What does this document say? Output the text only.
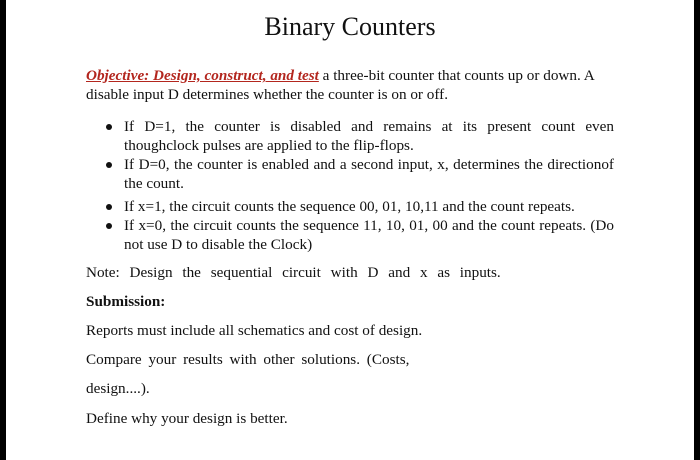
Binary Counters
Objective: Design, construct, and test a three-bit counter that counts up or down. A disable input D determines whether the counter is on or off.
If D=1, the counter is disabled and remains at its present count even thoughclock pulses are applied to the flip-flops.
If D=0, the counter is enabled and a second input, x, determines the directionof the count.
If x=1, the circuit counts the sequence 00, 01, 10,11 and the count repeats.
If x=0, the circuit counts the sequence 11, 10, 01, 00 and the count repeats. (Do not use D to disable the Clock)
Note: Design the sequential circuit with D and x as inputs.
Submission:
Reports must include all schematics and cost of design.
Compare your results with other solutions. (Costs,
design....).
Define why your design is better.
